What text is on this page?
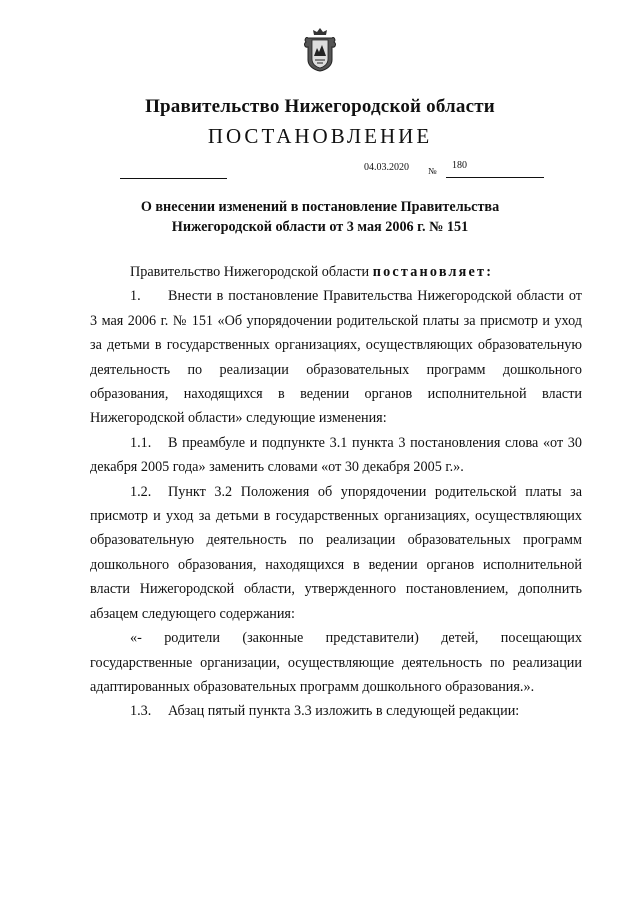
Правительство Нижегородской области
ПОСТАНОВЛЕНИЕ
04.03.2020 № 180
О внесении изменений в постановление Правительства
Нижегородской области от 3 мая 2006 г. № 151

Правительство Нижегородской области постановляет:

1. Внести в постановление Правительства Нижегородской области от 3 мая 2006 г. № 151 «Об упорядочении родительской платы за присмотр и уход за детьми в государственных организациях, осуществляющих образовательную деятельность по реализации образовательных программ дошкольного образования, находящихся в ведении органов исполнительной власти Нижегородской области» следующие изменения:

1.1. В преамбуле и подпункте 3.1 пункта 3 постановления слова «от 30 декабря 2005 года» заменить словами «от 30 декабря 2005 г.».

1.2. Пункт 3.2 Положения об упорядочении родительской платы за присмотр и уход за детьми в государственных организациях, осуществляющих образовательную деятельность по реализации образовательных программ дошкольного образования, находящихся в ведении органов исполнительной власти Нижегородской области, утвержденного постановлением, дополнить абзацем следующего содержания:

«- родители (законные представители) детей, посещающих государственные организации, осуществляющие деятельность по реализации адаптированных образовательных программ дошкольного образования.».

1.3. Абзац пятый пункта 3.3 изложить в следующей редакции:
